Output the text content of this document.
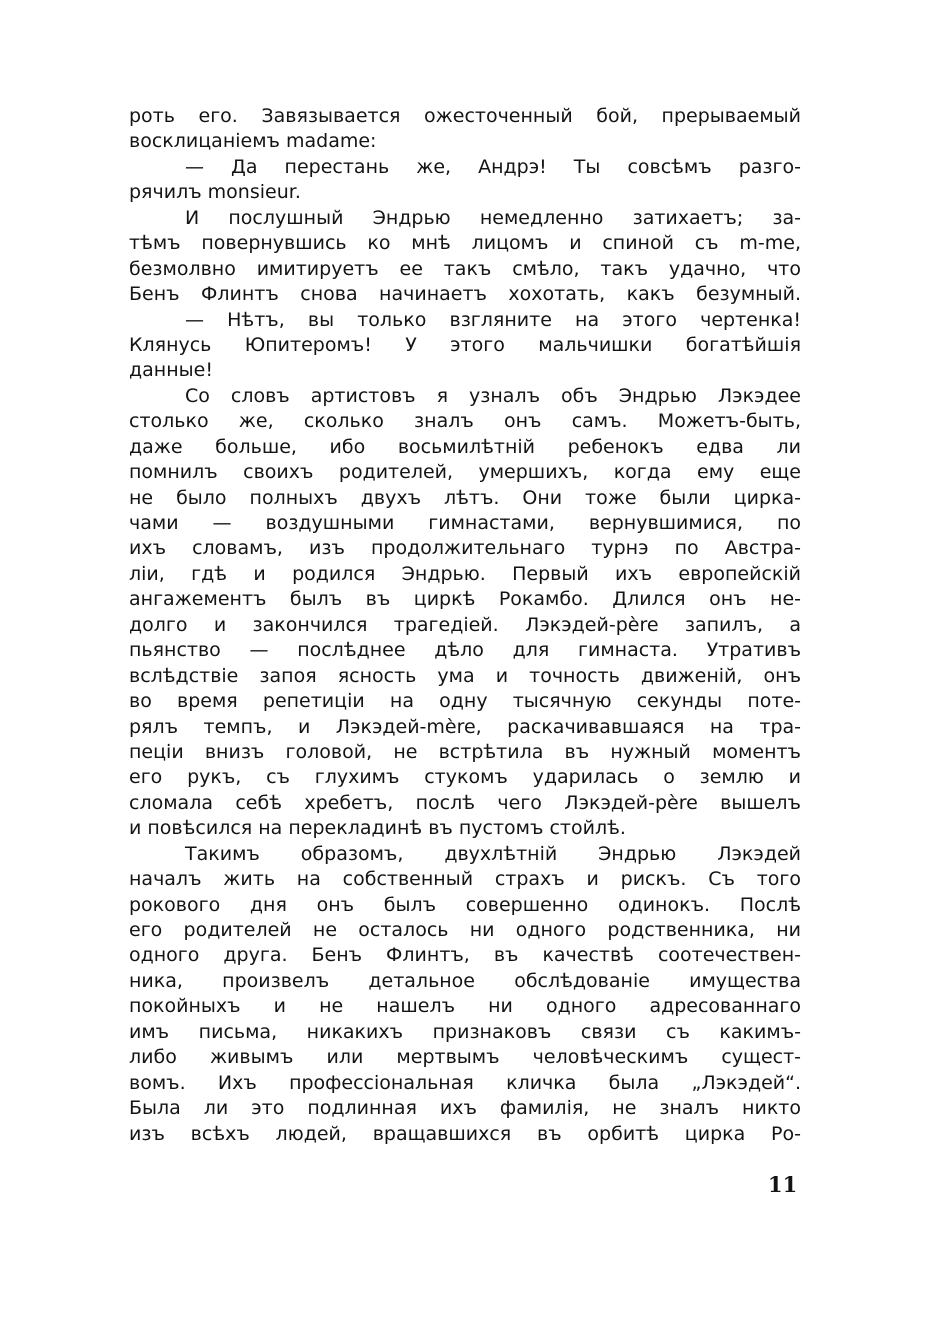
роть его. Завязывается ожесточенный бой, прерываемый
восклицаніемъ madame:
— Да перестань же, Андрэ! Ты совсѣмъ разго-
рячилъ monsieur.
И послушный Эндрью немедленно затихаетъ; за-
тѣмъ повернувшись ко мнѣ лицомъ и спиной съ m-me,
безмолвно имитируетъ ее такъ смѣло, такъ удачно, что
Бенъ Флинтъ снова начинаетъ хохотать, какъ безумный.
— Нѣтъ, вы только взгляните на этого чертенка!
Клянусь Юпитеромъ! У этого мальчишки богатѣйшія
данные!
Со словъ артистовъ я узналъ объ Эндрью Лэкэдее
столько же, сколько зналъ онъ самъ. Можетъ-быть,
даже больше, ибо восьмилѣтній ребенокъ едва ли
помнилъ своихъ родителей, умершихъ, когда ему еще
не было полныхъ двухъ лѣтъ. Они тоже были цирка-
чами — воздушными гимнастами, вернувшимися, по
ихъ словамъ, изъ продолжительнаго турнэ по Австра-
ліи, гдѣ и родился Эндрью. Первый ихъ европейскій
ангажементъ былъ въ циркѣ Рокамбо. Длился онъ не-
долго и закончился трагедіей. Лэкэдей-père запилъ, а
пьянство — послѣднее дѣло для гимнаста. Утративъ
вслѣдствіе запоя ясность ума и точность движеній, онъ
во время репетиціи на одну тысячную секунды поте-
рялъ темпъ, и Лэкэдей-mère, раскачивавшаяся на тра-
пеціи внизъ головой, не встрѣтила въ нужный моментъ
его рукъ, съ глухимъ стукомъ ударилась о землю и
сломала себѣ хребетъ, послѣ чего Лэкэдей-père вышелъ
и повѣсился на перекладинѣ въ пустомъ стойлѣ.
Такимъ образомъ, двухлѣтній Эндрью Лэкэдей
началъ жить на собственный страхъ и рискъ. Съ того
рокового дня онъ былъ совершенно одинокъ. Послѣ
его родителей не осталось ни одного родственника, ни
одного друга. Бенъ Флинтъ, въ качествѣ соотечествен-
ника, произвелъ детальное обслѣдованіе имущества
покойныхъ и не нашелъ ни одного адресованнаго
имъ письма, никакихъ признаковъ связи съ какимъ-
либо живымъ или мертвымъ человѣческимъ сущест-
вомъ. Ихъ профессіональная кличка была „Лэкэдей“.
Была ли это подлинная ихъ фамилія, не зналъ никто
изъ всѣхъ людей, вращавшихся въ орбитѣ цирка Ро-
11
